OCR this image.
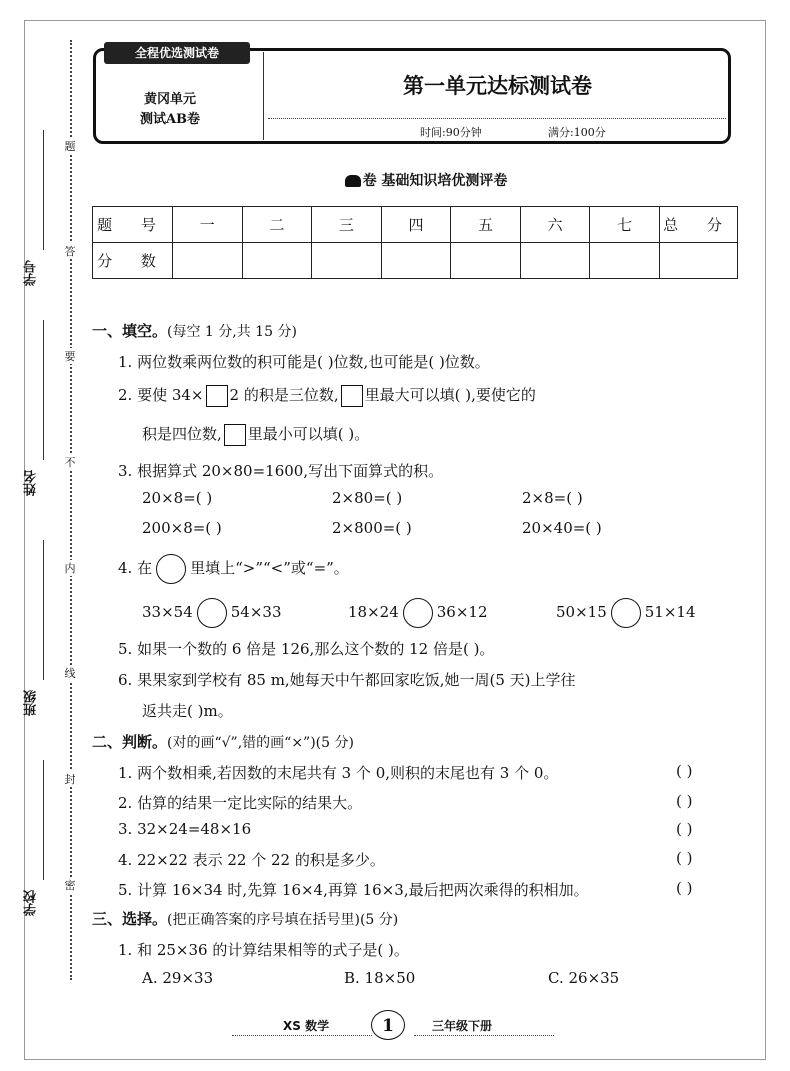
题
答
要
不
内
线
封
密
学号
姓名
班级
学校
全程优选测试卷
黄冈单元
测试AB卷
第一单元达标测试卷
时间:90分钟	满分:100分
卷 基础知识培优测评卷
题 号	一	二	三	四	五	六	七	总 分
分 数								
一、填空。(每空 1 分,共 15 分)
1. 两位数乘两位数的积可能是( )位数,也可能是( )位数。
2. 要使 34× 2 的积是三位数, 里最大可以填( ),要使它的
积是四位数, 里最小可以填( )。
3. 根据算式 20×80=1600,写出下面算式的积。
20×8=( )	2×80=( )	2×8=( )
200×8=( )	2×800=( )	20×40=( )
4. 在	里填上“>”“<”或“=”。
33×54	54×33	18×24	36×12	50×15	51×14
5. 如果一个数的 6 倍是 126,那么这个数的 12 倍是( )。
6. 果果家到学校有 85 m,她每天中午都回家吃饭,她一周(5 天)上学往
返共走( )m。
二、判断。(对的画“√”,错的画“×”)(5 分)
1. 两个数相乘,若因数的末尾共有 3 个 0,则积的末尾也有 3 个 0。	( )
2. 估算的结果一定比实际的结果大。	( )
3. 32×24=48×16	( )
4. 22×22 表示 22 个 22 的积是多少。	( )
5. 计算 16×34 时,先算 16×4,再算 16×3,最后把两次乘得的积相加。	( )
三、选择。(把正确答案的序号填在括号里)(5 分)
1. 和 25×36 的计算结果相等的式子是( )。
A. 29×33	B. 18×50	C. 26×35
XS 数学	1	三年级下册
